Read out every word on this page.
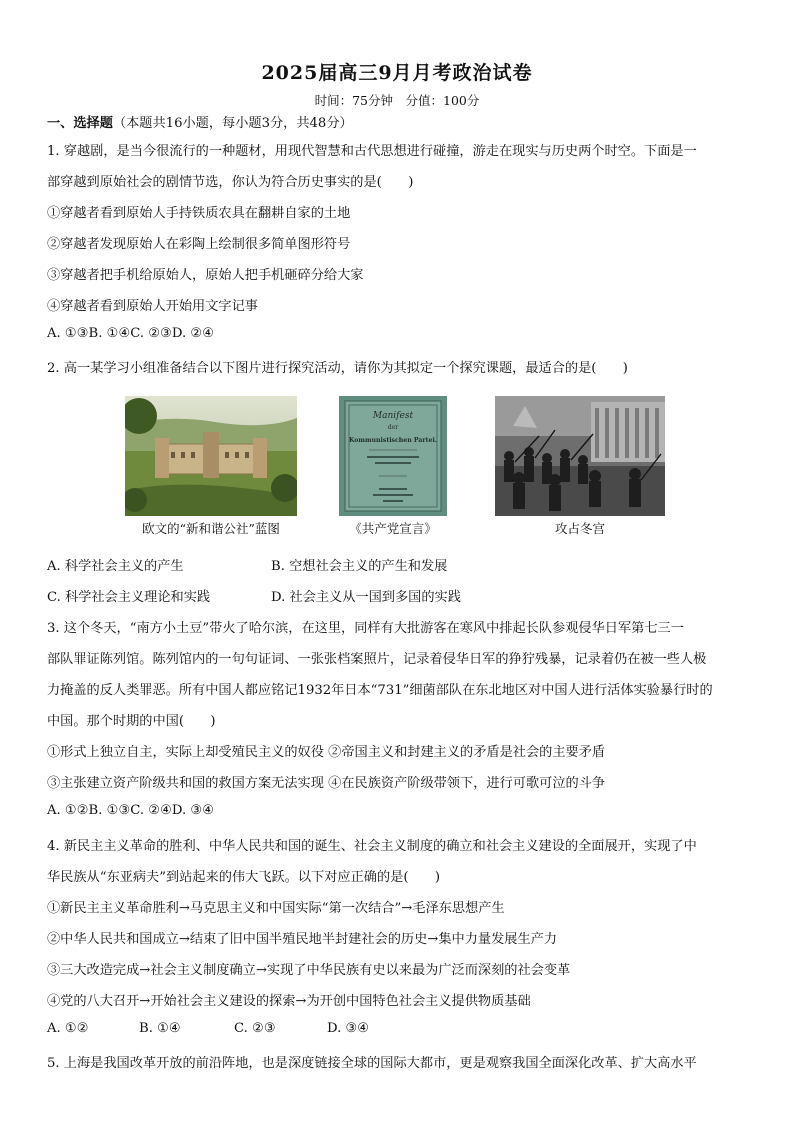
2025届高三9月月考政治试卷
时间：75分钟　分值：100分
一、选择题（本题共16小题，每小题3分，共48分）
1. 穿越剧，是当今很流行的一种题材，用现代智慧和古代思想进行碰撞，游走在现实与历史两个时空。下面是一
部穿越到原始社会的剧情节选，你认为符合历史事实的是(　　)
①穿越者看到原始人手持铁质农具在翻耕自家的土地
②穿越者发现原始人在彩陶上绘制很多简单图形符号
③穿越者把手机给原始人，原始人把手机砸碎分给大家
④穿越者看到原始人开始用文字记事
A. ①③B. ①④C. ②③D. ②④
2. 高一某学习小组准备结合以下图片进行探究活动，请你为其拟定一个探究课题，最适合的是(　　)
欧文的“新和谐公社”蓝图
Manifest
der
Kommunistischen Partei.
《共产党宣言》	攻占冬宫
A. 科学社会主义的产生	B. 空想社会主义的产生和发展
C. 科学社会主义理论和实践	D. 社会主义从一国到多国的实践
3. 这个冬天，“南方小土豆”带火了哈尔滨，在这里，同样有大批游客在寒风中排起长队参观侵华日军第七三一
部队罪证陈列馆。陈列馆内的一句句证词、一张张档案照片，记录着侵华日军的狰狞残暴，记录着仍在被一些人极
力掩盖的反人类罪恶。所有中国人都应铭记1932年日本“731”细菌部队在东北地区对中国人进行活体实验暴行时的
中国。那个时期的中国(　　)
①形式上独立自主，实际上却受殖民主义的奴役 ②帝国主义和封建主义的矛盾是社会的主要矛盾
③主张建立资产阶级共和国的救国方案无法实现 ④在民族资产阶级带领下，进行可歌可泣的斗争
A. ①②B. ①③C. ②④D. ③④
4. 新民主主义革命的胜利、中华人民共和国的诞生、社会主义制度的确立和社会主义建设的全面展开，实现了中
华民族从“东亚病夫”到站起来的伟大飞跃。以下对应正确的是(　　)
①新民主主义革命胜利→马克思主义和中国实际“第一次结合”→毛泽东思想产生
②中华人民共和国成立→结束了旧中国半殖民地半封建社会的历史→集中力量发展生产力
③三大改造完成→社会主义制度确立→实现了中华民族有史以来最为广泛而深刻的社会变革
④党的八大召开→开始社会主义建设的探索→为开创中国特色社会主义提供物质基础
A. ①②	B. ①④	C. ②③	D. ③④
5. 上海是我国改革开放的前沿阵地，也是深度链接全球的国际大都市，更是观察我国全面深化改革、扩大高水平
